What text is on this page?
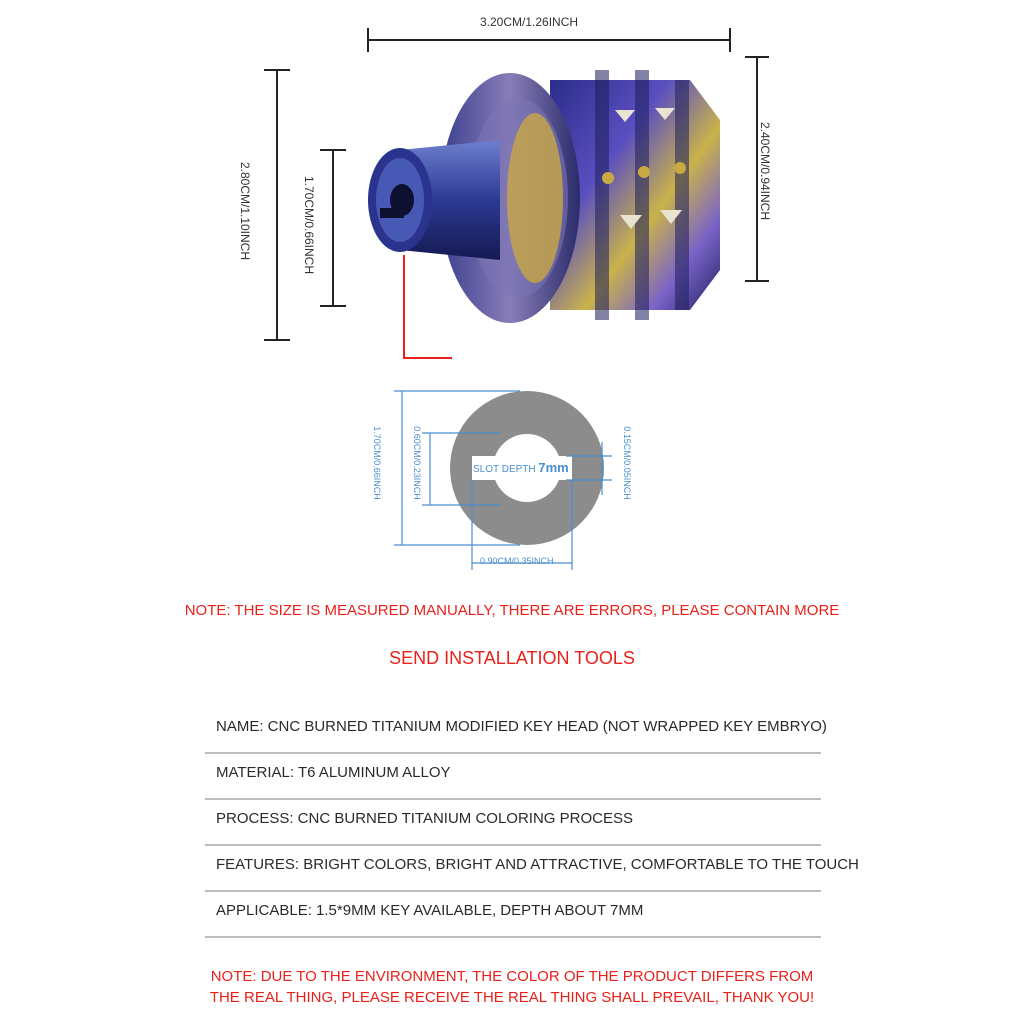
3.20CM/1.26INCH
2.40CM/0.94INCH
2.80CM/1.10INCH	1.70CM/0.66INCH
1.70CM/0.66INCH	0.60CM/0.23INCH	0.15CM/0.05INCH
SLOT DEPTH 7mm
0.90CM/0.35INCH
NOTE: THE SIZE IS MEASURED MANUALLY, THERE ARE ERRORS, PLEASE CONTAIN MORE
SEND INSTALLATION TOOLS
NAME: CNC BURNED TITANIUM MODIFIED KEY HEAD (NOT WRAPPED KEY EMBRYO)
MATERIAL: T6 ALUMINUM ALLOY
PROCESS: CNC BURNED TITANIUM COLORING PROCESS
FEATURES: BRIGHT COLORS, BRIGHT AND ATTRACTIVE, COMFORTABLE TO THE TOUCH
APPLICABLE: 1.5*9MM KEY AVAILABLE, DEPTH ABOUT 7MM
NOTE: DUE TO THE ENVIRONMENT, THE COLOR OF THE PRODUCT DIFFERS FROM
THE REAL THING, PLEASE RECEIVE THE REAL THING SHALL PREVAIL, THANK YOU!
